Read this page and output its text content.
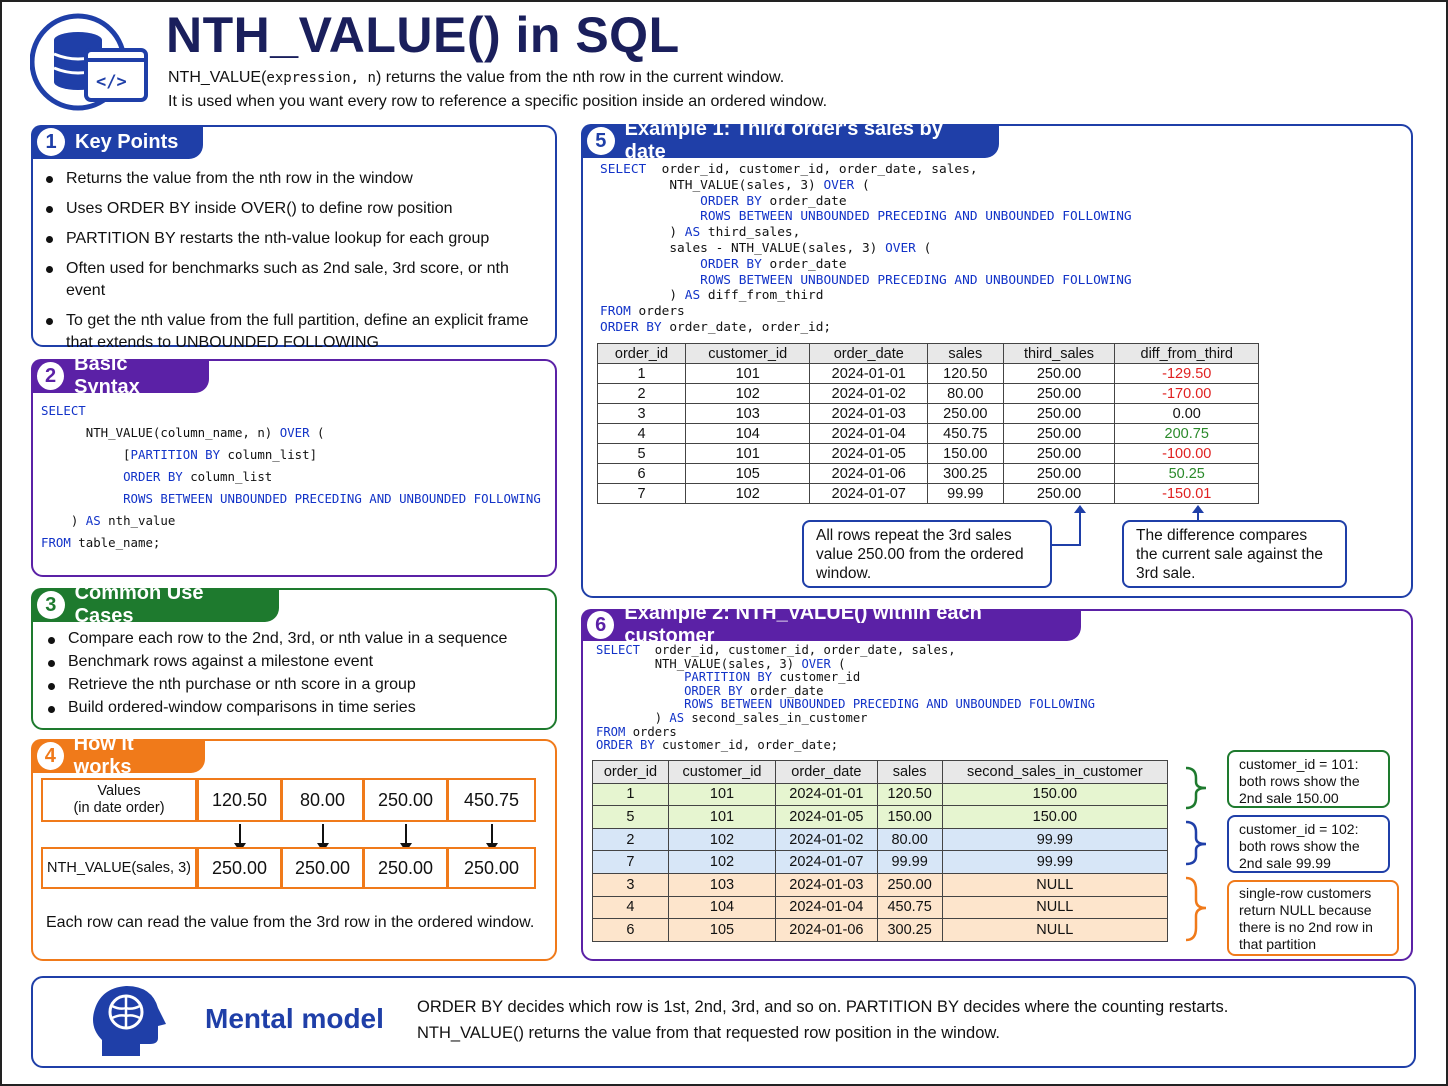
</>
NTH_VALUE() in SQL
NTH_VALUE(expression, n) returns the value from the nth row in the current window.
It is used when you want every row to reference a specific position inside an ordered window.
1 Key Points
Returns the value from the nth row in the window
Uses ORDER BY inside OVER() to define row position
PARTITION BY restarts the nth-value lookup for each group
Often used for benchmarks such as 2nd sale, 3rd score, or nth event
To get the nth value from the full partition, define an explicit frame that extends to UNBOUNDED FOLLOWING
2
Basic Syntax
SELECT
NTH_VALUE(column_name, n) OVER (
[PARTITION BY column_list]
ORDER BY column_list
ROWS BETWEEN UNBOUNDED PRECEDING AND UNBOUNDED FOLLOWING
) AS nth_value
FROM table_name;
3
Common Use Cases
Compare each row to the 2nd, 3rd, or nth value in a sequence
Benchmark rows against a milestone event
Retrieve the nth purchase or nth score in a group
Build ordered-window comparisons in time series
4
How it works
Values
(in date order)	120.50	80.00	250.00	450.75
NTH_VALUE(sales, 3)	250.00	250.00	250.00	250.00
Each row can read the value from the 3rd row in the ordered window.
5
Example 1: Third order's sales by date
SELECT  order_id, customer_id, order_date, sales,
NTH_VALUE(sales, 3) OVER (
ORDER BY order_date
ROWS BETWEEN UNBOUNDED PRECEDING AND UNBOUNDED FOLLOWING
) AS third_sales,
sales - NTH_VALUE(sales, 3) OVER (
ORDER BY order_date
ROWS BETWEEN UNBOUNDED PRECEDING AND UNBOUNDED FOLLOWING
) AS diff_from_third
FROM orders
ORDER BY order_date, order_id;
order_id	customer_id	order_date	sales	third_sales	diff_from_third
1	101	2024-01-01	120.50	250.00	-129.50
2	102	2024-01-02	80.00	250.00	-170.00
3	103	2024-01-03	250.00	250.00	0.00
4	104	2024-01-04	450.75	250.00	200.75
5	101	2024-01-05	150.00	250.00	-100.00
6	105	2024-01-06	300.25	250.00	50.25
7	102	2024-01-07	99.99	250.00	-150.01
All rows repeat the 3rd sales value 250.00 from the ordered window.
The difference compares the current sale against the 3rd sale.
6
Example 2: NTH_VALUE() within each customer
SELECT  order_id, customer_id, order_date, sales,
NTH_VALUE(sales, 3) OVER (
PARTITION BY customer_id
ORDER BY order_date
ROWS BETWEEN UNBOUNDED PRECEDING AND UNBOUNDED FOLLOWING
) AS second_sales_in_customer
FROM orders
ORDER BY customer_id, order_date;
order_id	customer_id	order_date	sales	second_sales_in_customer
1	101	2024-01-01	120.50	150.00
5	101	2024-01-05	150.00	150.00
2	102	2024-01-02	80.00	99.99
7	102	2024-01-07	99.99	99.99
3	103	2024-01-03	250.00	NULL
4	104	2024-01-04	450.75	NULL
6	105	2024-01-06	300.25	NULL
customer_id = 101: both rows show the 2nd sale 150.00
customer_id = 102: both rows show the 2nd sale 99.99
single-row customers return NULL because there is no 2nd row in that partition
Mental model ORDER BY decides which row is 1st, 2nd, 3rd, and so on. PARTITION BY decides where the counting restarts.
NTH_VALUE() returns the value from that requested row position in the window.
